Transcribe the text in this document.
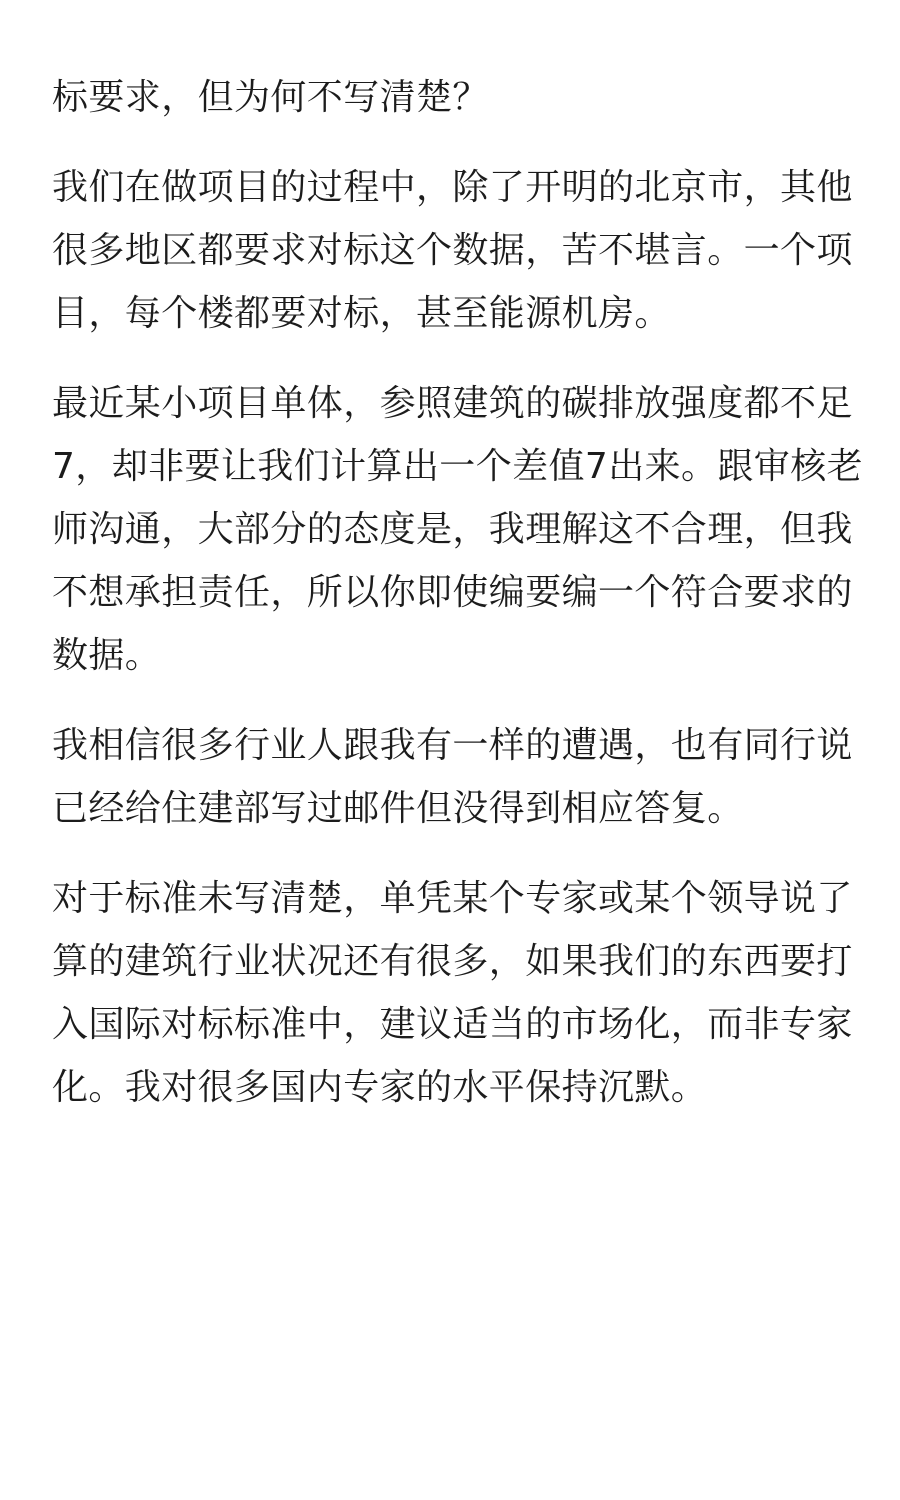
标要求，但为何不写清楚？

我们在做项目的过程中，除了开明的北京市，其他
很多地区都要求对标这个数据，苦不堪言。一个项
目，每个楼都要对标，甚至能源机房。

最近某小项目单体，参照建筑的碳排放强度都不足
7，却非要让我们计算出一个差值7出来。跟审核老
师沟通，大部分的态度是，我理解这不合理，但我
不想承担责任，所以你即使编要编一个符合要求的
数据。

我相信很多行业人跟我有一样的遭遇，也有同行说
已经给住建部写过邮件但没得到相应答复。

对于标准未写清楚，单凭某个专家或某个领导说了
算的建筑行业状况还有很多，如果我们的东西要打
入国际对标标准中，建议适当的市场化，而非专家
化。我对很多国内专家的水平保持沉默。
